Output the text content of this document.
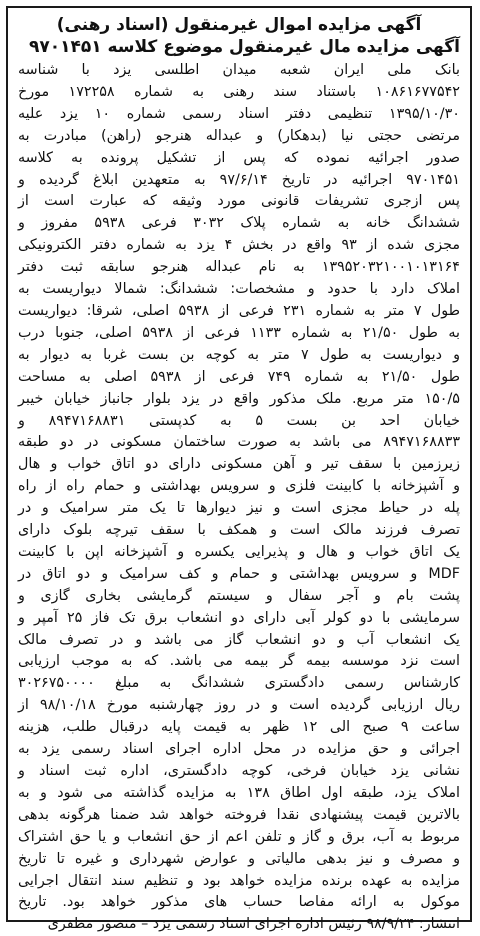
آگهی مزایده اموال غیرمنقول (اسناد رهنی)
آگهی مزایده مال غیرمنقول موضوع کلاسه ۹۷۰۱۴۵۱
بانک ملی ایران شعبه میدان اطلسی یزد با شناسه
۱۰۸۶۱۶۷۷۵۴۲ باستناد سند رهنی به شماره ۱۷۲۲۵۸ مورخ
۱۳۹۵/۱۰/۳۰ تنظیمی دفتر اسناد رسمی شماره ۱۰ یزد علیه
مرتضی حجتی نیا (بدهکار) و عبداله هنرجو (راهن) مبادرت به
صدور اجرائیه نموده که پس از تشکیل پرونده به کلاسه
۹۷۰۱۴۵۱ اجرائیه در تاریخ ۹۷/۶/۱۴ به متعهدین ابلاغ گردیده و
پس ازجری تشریفات قانونی مورد وثیقه که عبارت است از
ششدانگ خانه به شماره پلاک ۳۰۳۲ فرعی ۵۹۳۸ مفروز و
مجزی شده از ۹۳ واقع در بخش ۴ یزد به شماره دفتر الکترونیکی
۱۳۹۵۲۰۳۲۱۰۰۱۰۱۳۱۶۴ به نام عبداله هنرجو سابقه ثبت دفتر
املاک دارد با حدود و مشخصات: ششدانگ: شمالا دیواریست به
طول ۷ متر به شماره ۲۳۱ فرعی از ۵۹۳۸ اصلی، شرقا: دیواریست
به طول ۲۱/۵۰ به شماره ۱۱۳۳ فرعی از ۵۹۳۸ اصلی، جنوبا درب
و دیواریست به طول ۷ متر به کوچه بن بست غربا به دیوار به
طول ۲۱/۵۰ به شماره ۷۴۹ فرعی از ۵۹۳۸ اصلی به مساحت
۱۵۰/۵ متر مربع. ملک مذکور واقع در یزد بلوار جانباز خیابان خیبر
خیابان احد بن بست ۵ به کدپستی ۸۹۴۷۱۶۸۸۳۱ و
۸۹۴۷۱۶۸۸۳۳ می باشد به صورت ساختمان مسکونی در دو طبقه
زیرزمین با سقف تیر و آهن مسکونی دارای دو اتاق خواب و هال
و آشپزخانه با کابینت فلزی و سرویس بهداشتی و حمام راه از راه
پله در حیاط مجزی است و نیز دیوارها تا یک متر سرامیک و در
تصرف فرزند مالک است و همکف با سقف تیرچه بلوک دارای
یک اتاق خواب و هال و پذیرایی یکسره و آشپزخانه اپن با کابینت
MDF و سرویس بهداشتی و حمام و کف سرامیک و دو اتاق در
پشت بام و آجر سفال و سیستم گرمایشی بخاری گازی و
سرمایشی با دو کولر آبی دارای دو انشعاب برق تک فاز ۲۵ آمپر و
یک انشعاب آب و دو انشعاب گاز می باشد و در تصرف مالک
است نزد موسسه بیمه گر بیمه می باشد. که به موجب ارزیابی
کارشناس رسمی دادگستری ششدانگ به مبلغ ۳۰۲۶۷۵۰۰۰۰
ریال ارزیابی گردیده است و در روز چهارشنبه مورخ ۹۸/۱۰/۱۸ از
ساعت ۹ صبح الی ۱۲ ظهر به قیمت پایه درقبال طلب، هزینه
اجرائی و حق مزایده در محل اداره اجرای اسناد رسمی یزد به
نشانی یزد خیابان فرخی، کوچه دادگستری، اداره ثبت اسناد و
املاک یزد، طبقه اول اطاق ۱۳۸ به مزایده گذاشته می شود و به
بالاترین قیمت پیشنهادی نقدا فروخته خواهد شد ضمنا هرگونه بدهی
مربوط به آب، برق و گاز و تلفن اعم از حق انشعاب و یا حق اشتراک
و مصرف و نیز بدهی مالیاتی و عوارض شهرداری و غیره تا تاریخ
مزایده به عهده برنده مزایده خواهد بود و تنظیم سند انتقال اجرایی
موکول به ارائه مفاصا حساب های مذکور خواهد بود. تاریخ
انتشار: ۹۸/۹/۲۴ رئیس اداره اجرای اسناد رسمی یزد – منصور مظفری
